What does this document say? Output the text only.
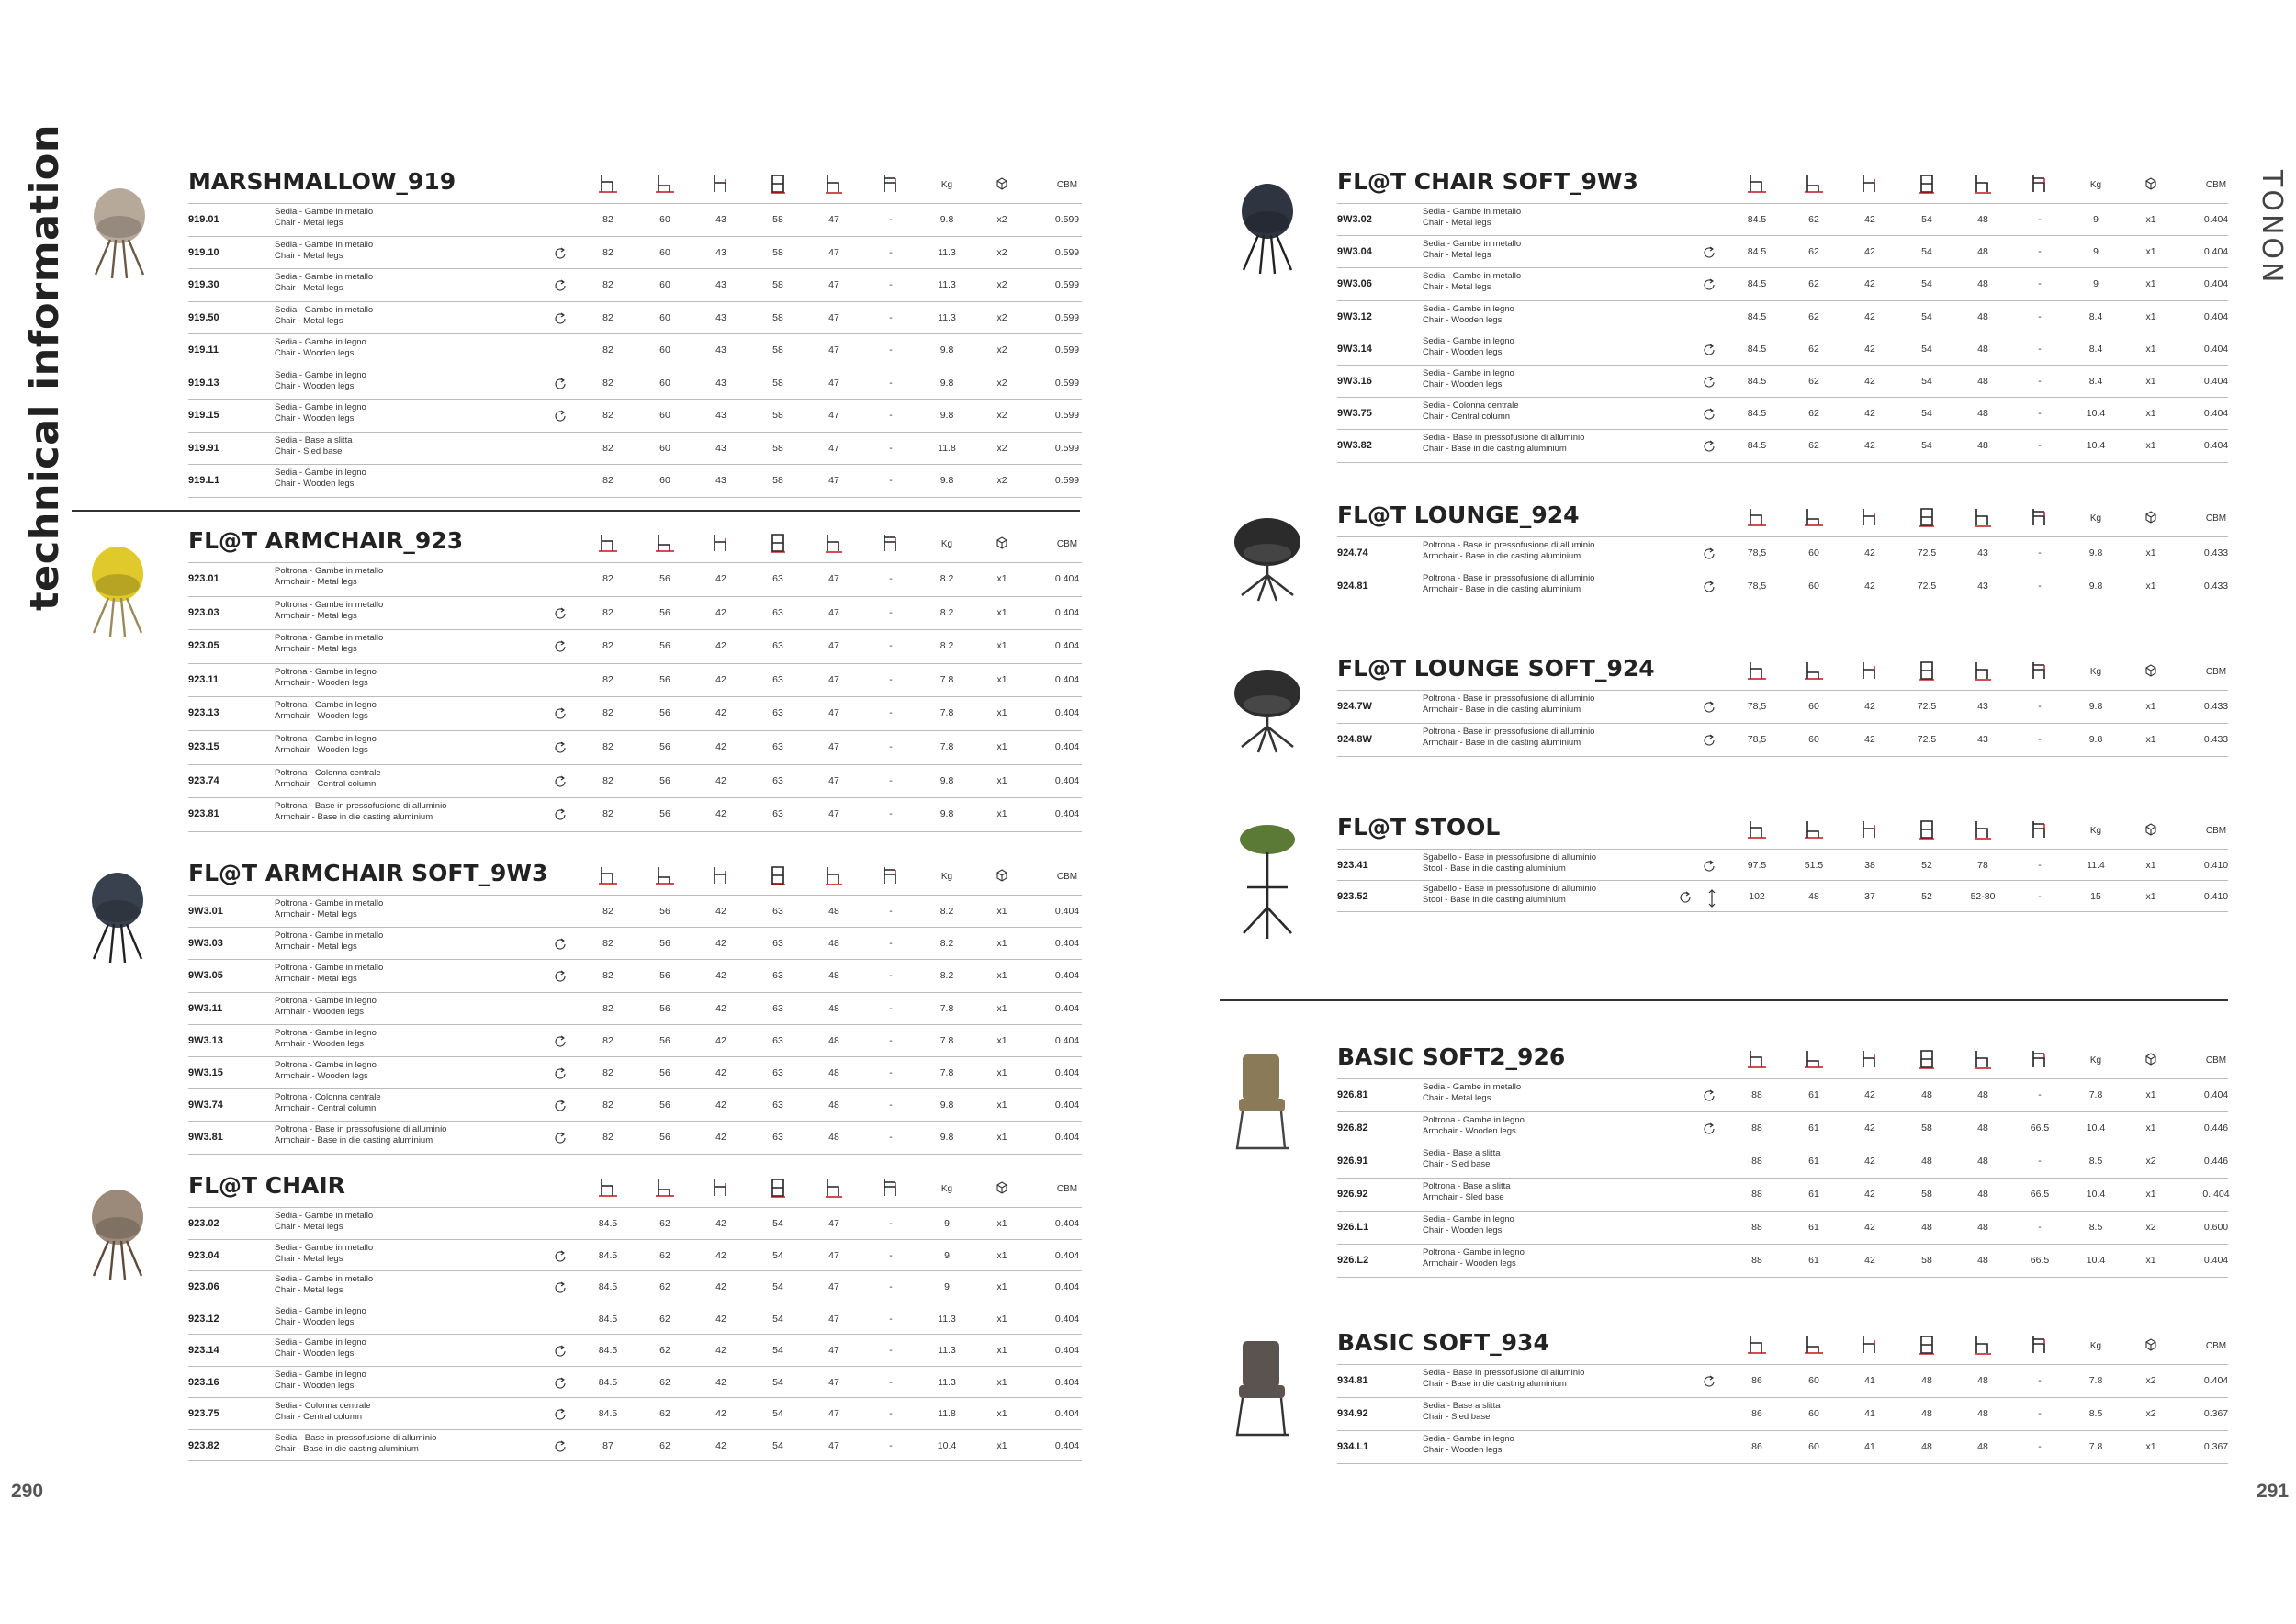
technical information	TONON
290	291
MARSHMALLOW_919	Kg	CBM
919.01
Sedia - Gambe in metallo
Chair - Metal legs	82	60	43	58	47	-	9.8	x2	0.599
919.10
Sedia - Gambe in metallo
Chair - Metal legs	82	60	43	58	47	-	11.3	x2	0.599
919.30
Sedia - Gambe in metallo
Chair - Metal legs	82	60	43	58	47	-	11.3	x2	0.599
919.50
Sedia - Gambe in metallo
Chair - Metal legs	82	60	43	58	47	-	11.3	x2	0.599
919.11
Sedia - Gambe in legno
Chair - Wooden legs	82	60	43	58	47	-	9.8	x2	0.599
919.13
Sedia - Gambe in legno
Chair - Wooden legs	82	60	43	58	47	-	9.8	x2	0.599
919.15
Sedia - Gambe in legno
Chair - Wooden legs	82	60	43	58	47	-	9.8	x2	0.599
919.91
Sedia - Base a slitta
Chair - Sled base	82	60	43	58	47	-	11.8	x2	0.599
919.L1
Sedia - Gambe in legno
Chair - Wooden legs	82	60	43	58	47	-	9.8	x2	0.599
FL@T ARMCHAIR_923	Kg	CBM
923.01
Poltrona - Gambe in metallo
Armchair - Metal legs	82	56	42	63	47	-	8.2	x1	0.404
923.03
Poltrona - Gambe in metallo
Armchair - Metal legs	82	56	42	63	47	-	8.2	x1	0.404
923.05
Poltrona - Gambe in metallo
Armchair - Metal legs	82	56	42	63	47	-	8.2	x1	0.404
923.11
Poltrona - Gambe in legno
Armchair - Wooden legs	82	56	42	63	47	-	7.8	x1	0.404
923.13
Poltrona - Gambe in legno
Armchair - Wooden legs	82	56	42	63	47	-	7.8	x1	0.404
923.15
Poltrona - Gambe in legno
Armchair - Wooden legs	82	56	42	63	47	-	7.8	x1	0.404
923.74
Poltrona - Colonna centrale
Armchair - Central column	82	56	42	63	47	-	9.8	x1	0.404
923.81
Poltrona - Base in pressofusione di alluminio
Armchair - Base in die casting aluminium	82	56	42	63	47	-	9.8	x1	0.404
FL@T ARMCHAIR SOFT_9W3	Kg	CBM
9W3.01
Poltrona - Gambe in metallo
Armchair - Metal legs	82	56	42	63	48	-	8.2	x1	0.404
9W3.03
Poltrona - Gambe in metallo
Armchair - Metal legs	82	56	42	63	48	-	8.2	x1	0.404
9W3.05
Poltrona - Gambe in metallo
Armchair - Metal legs	82	56	42	63	48	-	8.2	x1	0.404
9W3.11
Poltrona - Gambe in legno
Armhair - Wooden legs	82	56	42	63	48	-	7.8	x1	0.404
9W3.13
Poltrona - Gambe in legno
Armhair - Wooden legs	82	56	42	63	48	-	7.8	x1	0.404
9W3.15
Poltrona - Gambe in legno
Armchair - Wooden legs	82	56	42	63	48	-	7.8	x1	0.404
9W3.74
Poltrona - Colonna centrale
Armchair - Central column	82	56	42	63	48	-	9.8	x1	0.404
9W3.81
Poltrona - Base in pressofusione di alluminio
Armchair - Base in die casting aluminium	82	56	42	63	48	-	9.8	x1	0.404
FL@T CHAIR	Kg	CBM
923.02
Sedia - Gambe in metallo
Chair - Metal legs	84.5	62	42	54	47	-	9	x1	0.404
923.04
Sedia - Gambe in metallo
Chair - Metal legs	84.5	62	42	54	47	-	9	x1	0.404
923.06
Sedia - Gambe in metallo
Chair - Metal legs	84.5	62	42	54	47	-	9	x1	0.404
923.12
Sedia - Gambe in legno
Chair - Wooden legs	84.5	62	42	54	47	-	11.3	x1	0.404
923.14
Sedia - Gambe in legno
Chair - Wooden legs	84.5	62	42	54	47	-	11.3	x1	0.404
923.16
Sedia - Gambe in legno
Chair - Wooden legs	84.5	62	42	54	47	-	11.3	x1	0.404
923.75
Sedia - Colonna centrale
Chair - Central column	84.5	62	42	54	47	-	11.8	x1	0.404
923.82
Sedia - Base in pressofusione di alluminio
Chair - Base in die casting aluminium	87	62	42	54	47	-	10.4	x1	0.404
FL@T CHAIR SOFT_9W3	Kg	CBM
9W3.02
Sedia - Gambe in metallo
Chair - Metal legs	84.5	62	42	54	48	-	9	x1	0.404
9W3.04
Sedia - Gambe in metallo
Chair - Metal legs	84.5	62	42	54	48	-	9	x1	0.404
9W3.06
Sedia - Gambe in metallo
Chair - Metal legs	84.5	62	42	54	48	-	9	x1	0.404
9W3.12
Sedia - Gambe in legno
Chair - Wooden legs	84.5	62	42	54	48	-	8.4	x1	0.404
9W3.14
Sedia - Gambe in legno
Chair - Wooden legs	84.5	62	42	54	48	-	8.4	x1	0.404
9W3.16
Sedia - Gambe in legno
Chair - Wooden legs	84.5	62	42	54	48	-	8.4	x1	0.404
9W3.75
Sedia - Colonna centrale
Chair - Central column	84.5	62	42	54	48	-	10.4	x1	0.404
9W3.82
Sedia - Base in pressofusione di alluminio
Chair - Base in die casting aluminium	84.5	62	42	54	48	-	10.4	x1	0.404
FL@T LOUNGE_924	Kg	CBM
924.74
Poltrona - Base in pressofusione di alluminio
Armchair - Base in die casting aluminium	78,5	60	42	72.5	43	-	9.8	x1	0.433
924.81
Poltrona - Base in pressofusione di alluminio
Armchair - Base in die casting aluminium	78,5	60	42	72.5	43	-	9.8	x1	0.433
FL@T LOUNGE SOFT_924	Kg	CBM
924.7W
Poltrona - Base in pressofusione di alluminio
Armchair - Base in die casting aluminium	78,5	60	42	72.5	43	-	9.8	x1	0.433
924.8W
Poltrona - Base in pressofusione di alluminio
Armchair - Base in die casting aluminium	78,5	60	42	72.5	43	-	9.8	x1	0.433
FL@T STOOL	Kg	CBM
923.41
Sgabello - Base in pressofusione di alluminio
Stool - Base in die casting aluminium	97.5	51.5	38	52	78	-	11.4	x1	0.410
923.52
Sgabello - Base in pressofusione di alluminio
Stool - Base in die casting aluminium	102	48	37	52	52-80	-	15	x1	0.410
BASIC SOFT2_926	Kg	CBM
926.81
Sedia - Gambe in metallo
Chair - Metal legs	88	61	42	48	48	-	7.8	x1	0.404
926.82
Poltrona - Gambe in legno
Armchair - Wooden legs	88	61	42	58	48	66.5	10.4	x1	0.446
926.91
Sedia - Base a slitta
Chair - Sled base	88	61	42	48	48	-	8.5	x2	0.446
926.92
Poltrona - Base a slitta
Armchair - Sled base	88	61	42	58	48	66.5	10.4	x1	0. 404
926.L1
Sedia - Gambe in legno
Chair - Wooden legs	88	61	42	48	48	-	8.5	x2	0.600
926.L2
Poltrona - Gambe in legno
Armchair - Wooden legs	88	61	42	58	48	66.5	10.4	x1	0.404
BASIC SOFT_934	Kg	CBM
934.81
Sedia - Base in pressofusione di alluminio
Chair - Base in die casting aluminium	86	60	41	48	48	-	7.8	x2	0.404
934.92
Sedia - Base a slitta
Chair - Sled base	86	60	41	48	48	-	8.5	x2	0.367
934.L1
Sedia - Gambe in legno
Chair - Wooden legs	86	60	41	48	48	-	7.8	x1	0.367
